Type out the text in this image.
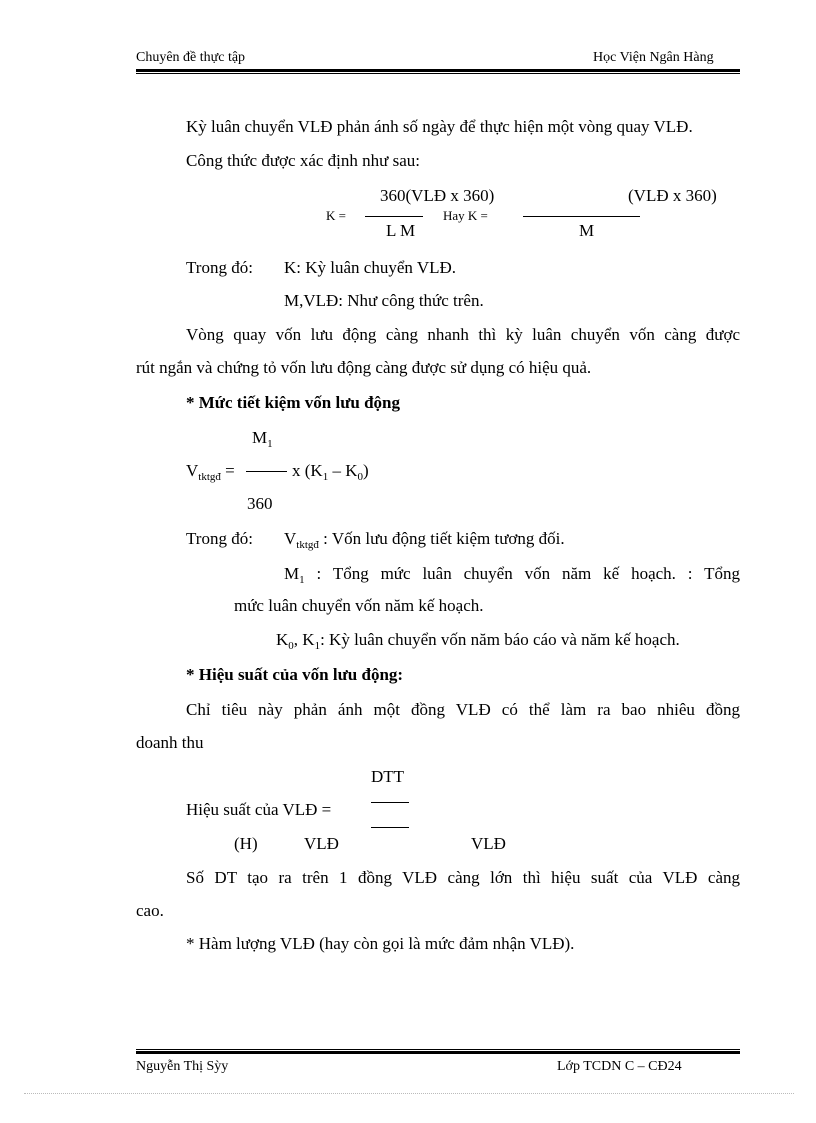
Chuyên đề thực tập	Học Viện Ngân Hàng
Kỳ luân chuyển VLĐ phản ánh số ngày để thực hiện một vòng quay VLĐ.
Công thức được xác định như sau:
360(VLĐ x 360)
K =	Hay K =
(VLĐ x 360)
L M	M
Trong đó: K: Kỳ luân chuyển VLĐ.
M,VLĐ: Như công thức trên.
Vòng quay vốn lưu động càng nhanh thì kỳ luân chuyển vốn càng được
rút ngắn và chứng tỏ vốn lưu động càng được sử dụng có hiệu quả.
* Mức tiết kiệm vốn lưu động
$M_1$
$V_{tktgđ}$ =	x $(K_1 - K_0)$
360
Trong đó: $V_{tktgđ}$ : Vốn lưu động tiết kiệm tương đối.
$M_1$ : Tổng mức luân chuyển vốn năm kế hoạch. : Tổng
mức luân chuyển vốn năm kế hoạch.
$K_0$, $K_1$: Kỳ luân chuyển vốn năm báo cáo và năm kế hoạch.
* Hiệu suất của vốn lưu động:
Chỉ tiêu này phản ánh một đồng VLĐ có thể làm ra bao nhiêu đồng
doanh thu
DTT
Hiệu suất của VLĐ =
(H)	VLĐ	VLĐ
Số DT tạo ra trên 1 đồng VLĐ càng lớn thì hiệu suất của VLĐ càng
cao.
* Hàm lượng VLĐ (hay còn gọi là mức đảm nhận VLĐ).
Nguyễn Thị Sỳy	Lớp TCDN C – CĐ24
